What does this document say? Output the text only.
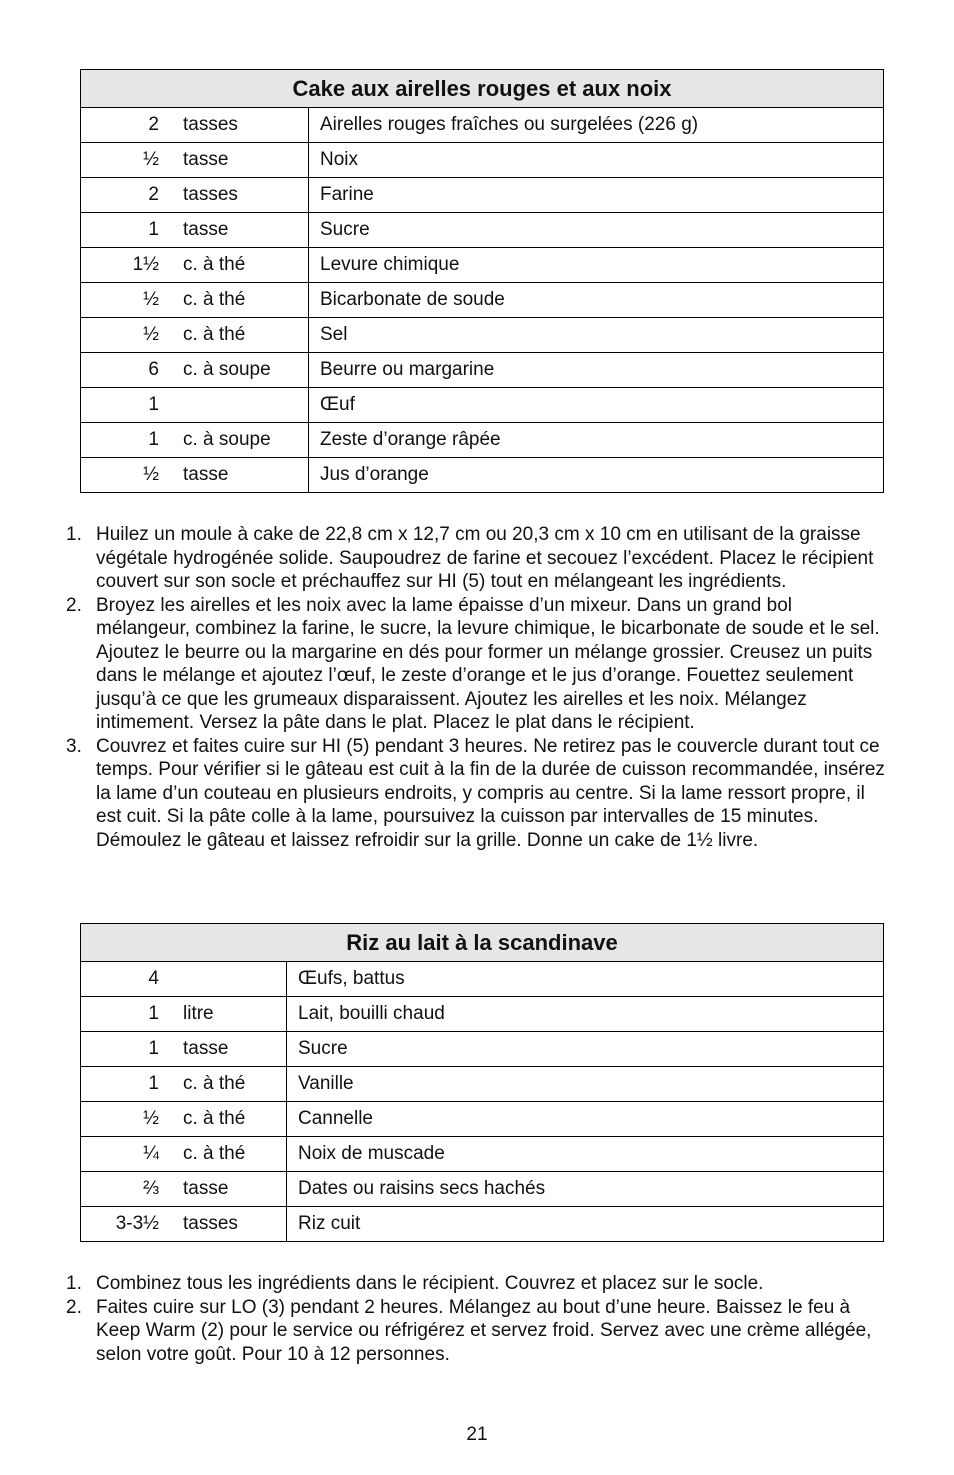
Cake aux airelles rouges et aux noix	
2 tasses	Airelles rouges fraîches ou surgelées (226 g)
½ tasse	Noix
2 tasses	Farine
1 tasse	Sucre
1½ c. à thé	Levure chimique
½ c. à thé	Bicarbonate de soude
½ c. à thé	Sel
6 c. à soupe	Beurre ou margarine
1	Œuf
1 c. à soupe	Zeste d’orange râpée
½ tasse	Jus d’orange
1. Huilez un moule à cake de 22,8 cm x 12,7 cm ou 20,3 cm x 10 cm en utilisant de la graisse végétale hydrogénée solide. Saupoudrez de farine et secouez l’excédent. Placez le récipient couvert sur son socle et préchauffez sur HI (5) tout en mélangeant les ingrédients.
2. Broyez les airelles et les noix avec la lame épaisse d’un mixeur. Dans un grand bol mélangeur, combinez la farine, le sucre, la levure chimique, le bicarbonate de soude et le sel. Ajoutez le beurre ou la margarine en dés pour former un mélange grossier. Creusez un puits dans le mélange et ajoutez l’œuf, le zeste d’orange et le jus d’orange. Fouettez seulement jusqu’à ce que les grumeaux disparaissent. Ajoutez les airelles et les noix. Mélangez intimement. Versez la pâte dans le plat. Placez le plat dans le récipient.
3. Couvrez et faites cuire sur HI (5) pendant 3 heures. Ne retirez pas le couvercle durant tout ce temps. Pour vérifier si le gâteau est cuit à la fin de la durée de cuisson recommandée, insérez la lame d’un couteau en plusieurs endroits, y compris au centre. Si la lame ressort propre, il est cuit. Si la pâte colle à la lame, poursuivez la cuisson par intervalles de 15 minutes. Démoulez le gâteau et laissez refroidir sur la grille. Donne un cake de 1½ livre.
Riz au lait à la scandinave	
4	Œufs, battus
1 litre	Lait, bouilli chaud
1 tasse	Sucre
1 c. à thé	Vanille
½ c. à thé	Cannelle
¼ c. à thé	Noix de muscade
⅔ tasse	Dates ou raisins secs hachés
3-3½ tasses	Riz cuit
1. Combinez tous les ingrédients dans le récipient. Couvrez et placez sur le socle.
2. Faites cuire sur LO (3) pendant 2 heures. Mélangez au bout d’une heure. Baissez le feu à Keep Warm (2) pour le service ou réfrigérez et servez froid. Servez avec une crème allégée, selon votre goût. Pour 10 à 12 personnes.
21
